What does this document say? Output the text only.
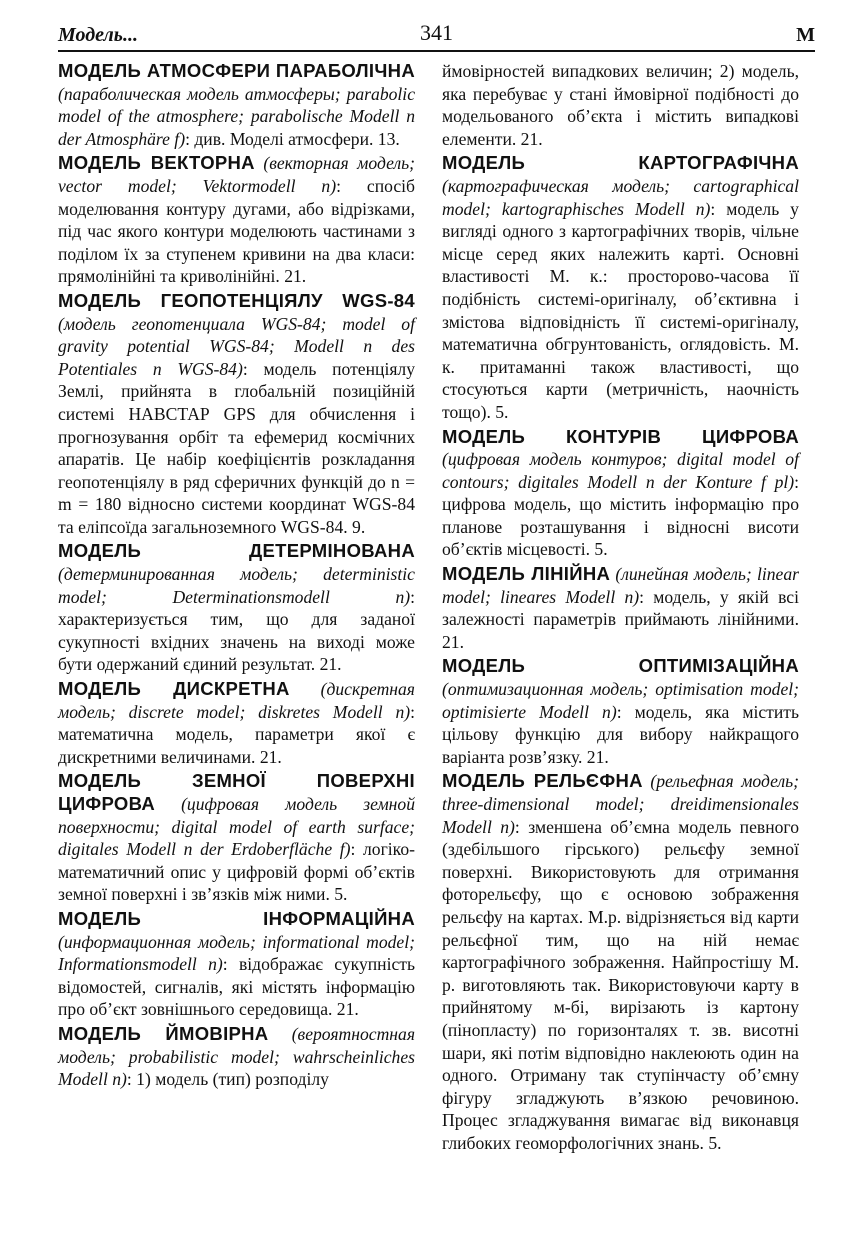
Модель...	341	М

МОДЕЛЬ АТМОСФЕРИ ПАРАБОЛІЧНА (параболическая модель атмосферы; parabolic model of the atmosphere; parabolische Modell n der Atmosphäre f): див. Моделі атмосфери. 13.

МОДЕЛЬ ВЕКТОРНА (векторная модель; vector model; Vektormodell n): спосіб моделювання контуру дугами, або відрізками, під час якого контури моделюють частинами з поділом їх за ступенем кривини на два класи: прямолінійні та криволінійні. 21.

МОДЕЛЬ ГЕОПОТЕНЦІЯЛУ WGS-84 (модель геопотенциала WGS-84; model of gravity potential WGS-84; Modell n des Potentiales n WGS-84): модель потенціялу Землі, прийнята в глобальній позиційній системі НАВСТАР GPS для обчислення і прогнозування орбіт та ефемерид космічних апаратів. Це набір коефіцієнтів розкладання геопотенціялу в ряд сферичних функцій до n = m = 180 відносно системи координат WGS-84 та еліпсоїда загальноземного WGS-84. 9.

МОДЕЛЬ ДЕТЕРМІНОВАНА (детерминированная модель; deterministic model; Determinationsmodell n): характеризується тим, що для заданої сукупності вхідних значень на виході може бути одержаний єдиний результат. 21.

МОДЕЛЬ ДИСКРЕТНА (дискретная модель; discrete model; diskretes Modell n): математична модель, параметри якої є дискретними величинами. 21.

МОДЕЛЬ ЗЕМНОЇ ПОВЕРХНІ ЦИФРОВА (цифровая модель земной поверхности; digital model of earth surface; digitales Modell n der Erdoberfläche f): логіко-математичний опис у цифровій формі об’єктів земної поверхні і зв’язків між ними. 5.

МОДЕЛЬ ІНФОРМАЦІЙНА (информационная модель; informational model; Informationsmodell n): відображає сукупність відомостей, сигналів, які містять інформацію про об’єкт зовнішнього середовища. 21.

МОДЕЛЬ ЙМОВІРНА (вероятностная модель; probabilistic model; wahrscheinliches Modell n): 1) модель (тип) розподілу

ймовірностей випадкових величин; 2) модель, яка перебуває у стані ймовірної подібності до модельованого об’єкта і містить випадкові елементи. 21.

МОДЕЛЬ КАРТОГРАФІЧНА (картографическая модель; cartographical model; kartographisches Modell n): модель у вигляді одного з картографічних творів, чільне місце серед яких належить карті. Основні властивості М. к.: просторово-часова її подібність системі-оригіналу, об’єктивна і змістова відповідність її системі-оригіналу, математична обгрунтованість, оглядовість. М. к. притаманні також властивості, що стосуються карти (метричність, наочність тощо). 5.

МОДЕЛЬ КОНТУРІВ ЦИФРОВА (цифровая модель контуров; digital model of contours; digitales Modell n der Konture f pl): цифрова модель, що містить інформацію про планове розташування і відносні висоти об’єктів місцевості. 5.

МОДЕЛЬ ЛІНІЙНА (линейная модель; linear model; lineares Modell n): модель, у якій всі залежності параметрів приймають лінійними. 21.

МОДЕЛЬ ОПТИМІЗАЦІЙНА (оптимизационная модель; optimisation model; optimisierte Modell n): модель, яка містить цільову функцію для вибору найкращого варіанта розв’язку. 21.

МОДЕЛЬ РЕЛЬЄФНА (рельефная модель; three-dimensional model; dreidimensionales Modell n): зменшена об’ємна модель певного (здебільшого гірського) рельєфу земної поверхні. Використовують для отримання фоторельєфу, що є основою зображення рельєфу на картах. М.р. відрізняється від карти рельєфної тим, що на ній немає картографічного зображення. Найпростішу М. р. виготовляють так. Використовуючи карту в прийнятому м-бі, вирізають із картону (пінопласту) по горизонталях т. зв. висотні шари, які потім відповідно наклеюють один на одного. Отриману так ступінчасту об’ємну фігуру згладжують в’язкою речовиною. Процес згладжування вимагає від виконавця глибоких геоморфологічних знань. 5.
